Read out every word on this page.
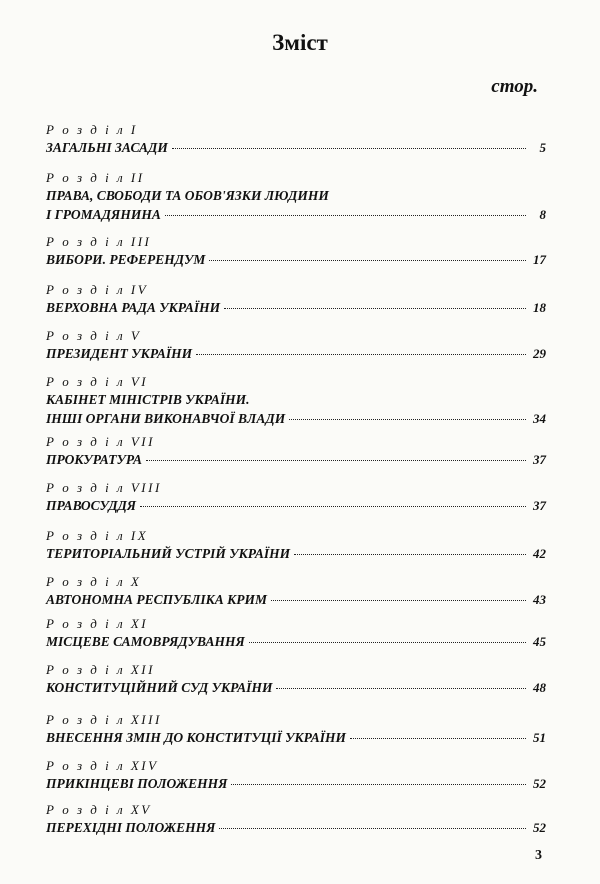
Зміст
стор.
Р о з д і л I
ЗАГАЛЬНІ ЗАСАДИ	5
Р о з д і л II
ПРАВА, СВОБОДИ ТА ОБОВ'ЯЗКИ ЛЮДИНИ
І ГРОМАДЯНИНА	8
Р о з д і л III
ВИБОРИ. РЕФЕРЕНДУМ	17
Р о з д і л IV
ВЕРХОВНА РАДА УКРАЇНИ	18
Р о з д і л V
ПРЕЗИДЕНТ УКРАЇНИ	29
Р о з д і л VI
КАБІНЕТ МІНІСТРІВ УКРАЇНИ.
ІНШІ ОРГАНИ ВИКОНАВЧОЇ ВЛАДИ	34
Р о з д і л VII
ПРОКУРАТУРА	37
Р о з д і л VIII
ПРАВОСУДДЯ	37
Р о з д і л IX
ТЕРИТОРІАЛЬНИЙ УСТРІЙ УКРАЇНИ	42
Р о з д і л X
АВТОНОМНА РЕСПУБЛІКА КРИМ	43
Р о з д і л XI
МІСЦЕВЕ САМОВРЯДУВАННЯ	45
Р о з д і л XII
КОНСТИТУЦІЙНИЙ СУД УКРАЇНИ	48
Р о з д і л XIII
ВНЕСЕННЯ ЗМІН ДО КОНСТИТУЦІЇ УКРАЇНИ	51
Р о з д і л XIV
ПРИКІНЦЕВІ ПОЛОЖЕННЯ	52
Р о з д і л XV
ПЕРЕХІДНІ ПОЛОЖЕННЯ	52
3
